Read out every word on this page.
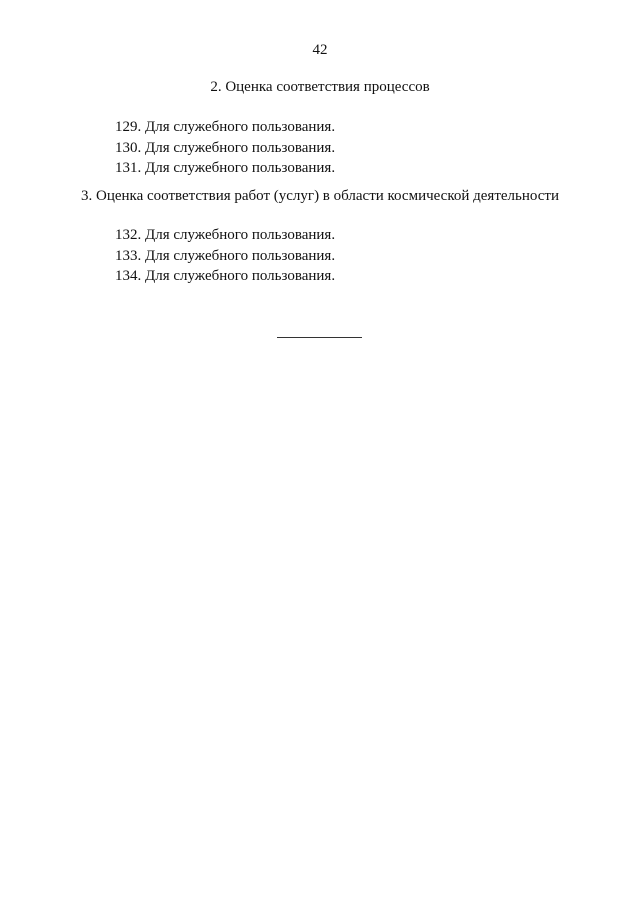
42
2. Оценка соответствия процессов
129. Для служебного пользования.
130. Для служебного пользования.
131. Для служебного пользования.
3. Оценка соответствия работ (услуг) в области космической деятельности
132. Для служебного пользования.
133. Для служебного пользования.
134. Для служебного пользования.
